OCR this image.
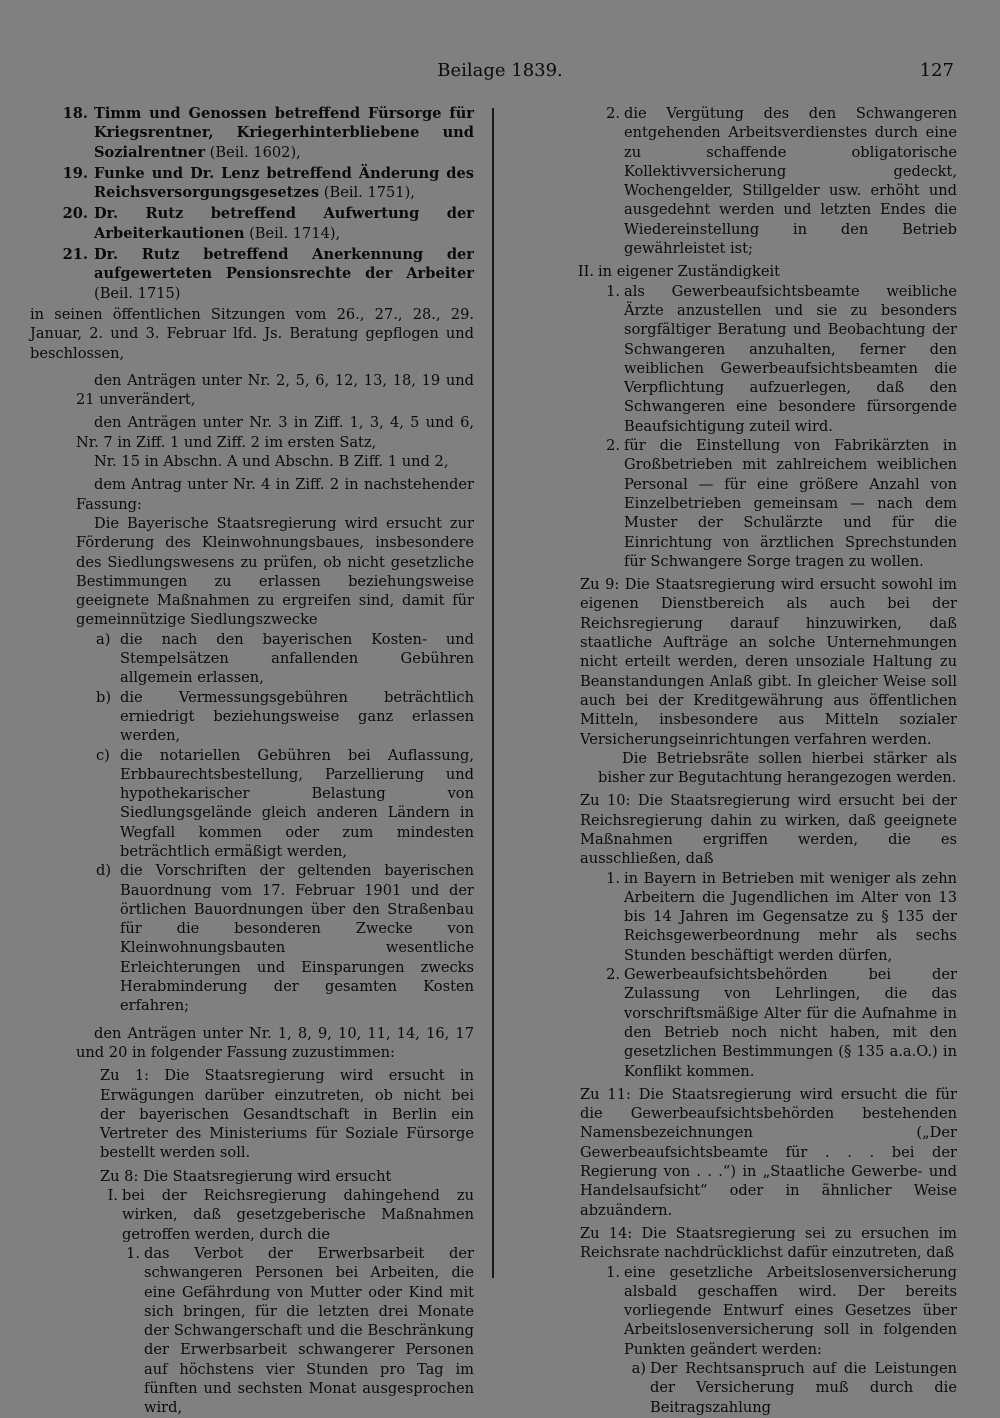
Beilage 1839.	127
18. Timm und Genossen betreffend Fürsorge für Kriegsrentner, Kriegerhinterbliebene und Sozialrentner (Beil. 1602),
19. Funke und Dr. Lenz betreffend Änderung des Reichsversorgungsgesetzes (Beil. 1751),
20. Dr. Rutz betreffend Aufwertung der Arbeiterkautionen (Beil. 1714),
21. Dr. Rutz betreffend Anerkennung der aufgewerteten Pensionsrechte der Arbeiter (Beil. 1715)

in seinen öffentlichen Sitzungen vom 26., 27., 28., 29. Januar, 2. und 3. Februar lfd. Js. Beratung gepflogen und beschlossen,

den Anträgen unter Nr. 2, 5, 6, 12, 13, 18, 19 und 21 unverändert,

den Anträgen unter Nr. 3 in Ziff. 1, 3, 4, 5 und 6, Nr. 7 in Ziff. 1 und Ziff. 2 im ersten Satz,

Nr. 15 in Abschn. A und Abschn. B Ziff. 1 und 2,

dem Antrag unter Nr. 4 in Ziff. 2 in nachstehender Fassung:

Die Bayerische Staatsregierung wird ersucht zur Förderung des Kleinwohnungsbaues, insbesondere des Siedlungswesens zu prüfen, ob nicht gesetzliche Bestimmungen zu erlassen beziehungsweise geeignete Maßnahmen zu ergreifen sind, damit für gemeinnützige Siedlungszwecke

a) die nach den bayerischen Kosten- und Stempelsätzen anfallenden Gebühren allgemein erlassen,
b) die Vermessungsgebühren beträchtlich erniedrigt beziehungsweise ganz erlassen werden,
c) die notariellen Gebühren bei Auflassung, Erbbaurechtsbestellung, Parzellierung und hypothekarischer Belastung von Siedlungsgelände gleich anderen Ländern in Wegfall kommen oder zum mindesten beträchtlich ermäßigt werden,
d) die Vorschriften der geltenden bayerischen Bauordnung vom 17. Februar 1901 und der örtlichen Bauordnungen über den Straßenbau für die besonderen Zwecke von Kleinwohnungsbauten wesentliche Erleichterungen und Einsparungen zwecks Herabminderung der gesamten Kosten erfahren;

den Anträgen unter Nr. 1, 8, 9, 10, 11, 14, 16, 17 und 20 in folgender Fassung zuzustimmen:

Zu 1: Die Staatsregierung wird ersucht in Erwägungen darüber einzutreten, ob nicht bei der bayerischen Gesandtschaft in Berlin ein Vertreter des Ministeriums für Soziale Fürsorge bestellt werden soll.

Zu 8: Die Staatsregierung wird ersucht

I. bei der Reichsregierung dahingehend zu wirken, daß gesetzgeberische Maßnahmen getroffen werden, durch die
1. das Verbot der Erwerbsarbeit der schwangeren Personen bei Arbeiten, die eine Gefährdung von Mutter oder Kind mit sich bringen, für die letzten drei Monate der Schwangerschaft und die Beschränkung der Erwerbsarbeit schwangerer Personen auf höchstens vier Stunden pro Tag im fünften und sechsten Monat ausgesprochen wird,
2. die Vergütung des den Schwangeren entgehenden Arbeitsverdienstes durch eine zu schaffende obligatorische Kollektivversicherung gedeckt, Wochengelder, Stillgelder usw. erhöht und ausgedehnt werden und letzten Endes die Wiedereinstellung in den Betrieb gewährleistet ist;
II. in eigener Zuständigkeit
1. als Gewerbeaufsichtsbeamte weibliche Ärzte anzustellen und sie zu besonders sorgfältiger Beratung und Beobachtung der Schwangeren anzuhalten, ferner den weiblichen Gewerbeaufsichtsbeamten die Verpflichtung aufzuerlegen, daß den Schwangeren eine besondere fürsorgende Beaufsichtigung zuteil wird.
2. für die Einstellung von Fabrikärzten in Großbetrieben mit zahlreichem weiblichen Personal — für eine größere Anzahl von Einzelbetrieben gemeinsam — nach dem Muster der Schulärzte und für die Einrichtung von ärztlichen Sprechstunden für Schwangere Sorge tragen zu wollen.

Zu 9: Die Staatsregierung wird ersucht sowohl im eigenen Dienstbereich als auch bei der Reichsregierung darauf hinzuwirken, daß staatliche Aufträge an solche Unternehmungen nicht erteilt werden, deren unsoziale Haltung zu Beanstandungen Anlaß gibt. In gleicher Weise soll auch bei der Kreditgewährung aus öffentlichen Mitteln, insbesondere aus Mitteln sozialer Versicherungseinrichtungen verfahren werden.

Die Betriebsräte sollen hierbei stärker als bisher zur Begutachtung herangezogen werden.

Zu 10: Die Staatsregierung wird ersucht bei der Reichsregierung dahin zu wirken, daß geeignete Maßnahmen ergriffen werden, die es ausschließen, daß

1. in Bayern in Betrieben mit weniger als zehn Arbeitern die Jugendlichen im Alter von 13 bis 14 Jahren im Gegensatze zu § 135 der Reichsgewerbeordnung mehr als sechs Stunden beschäftigt werden dürfen,
2. Gewerbeaufsichtsbehörden bei der Zulassung von Lehrlingen, die das vorschriftsmäßige Alter für die Aufnahme in den Betrieb noch nicht haben, mit den gesetzlichen Bestimmungen (§ 135 a.a.O.) in Konflikt kommen.

Zu 11: Die Staatsregierung wird ersucht die für die Gewerbeaufsichtsbehörden bestehenden Namensbezeichnungen („Der Gewerbeaufsichtsbeamte für . . . bei der Regierung von . . .“) in „Staatliche Gewerbe- und Handelsaufsicht“ oder in ähnlicher Weise abzuändern.

Zu 14: Die Staatsregierung sei zu ersuchen im Reichsrate nachdrücklichst dafür einzutreten, daß

1. eine gesetzliche Arbeitslosenversicherung alsbald geschaffen wird. Der bereits vorliegende Entwurf eines Gesetzes über Arbeitslosenversicherung soll in folgenden Punkten geändert werden:
a) Der Rechtsanspruch auf die Leistungen der Versicherung muß durch die Beitragszahlung
